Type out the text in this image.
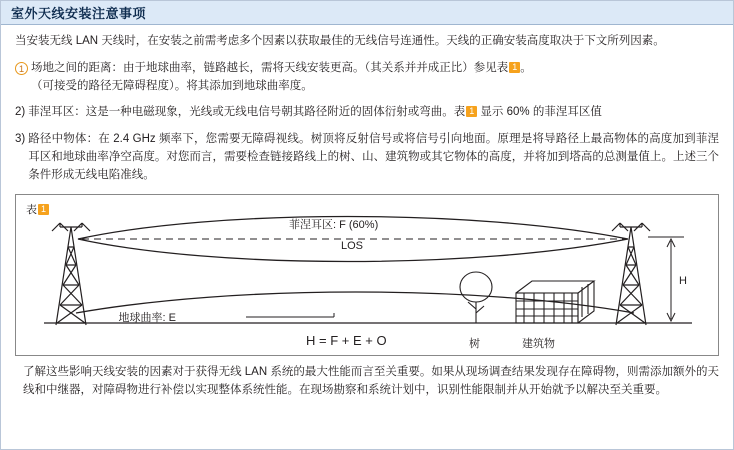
室外天线安装注意事项

当安装无线 LAN 天线时，在安装之前需考虑多个因素以获取最佳的无线信号连通性。天线的正确安装高度取决于下文所列因素。

1 场地之间的距离：由于地球曲率，链路越长，需将天线安装更高。（其关系并并成正比）参见表 1 。
（可接受的路径无障碍程度）。将其添加到地球曲率度。
2) 菲涅耳区：这是一种电磁现象，光线或无线电信号朝其路径附近的固体衍射或弯曲。表 1 显示 60% 的菲涅耳区值
3) 路径中物体：在 2.4 GHz 频率下，您需要无障碍视线。树顶将反射信号或将信号引向地面。原理是将导路径上最高物体的高度加到菲涅耳区和地球曲率净空高度。对您而言，需要检查链接路线上的树、山、建筑物或其它物体的高度，并将加到塔高的总测量值上。上述三个条件形成无线电陷准线。
表 1
菲涅耳区: F (60%)
LOS
地球曲率: E
H = F + E + O	树	建筑物
H
了解这些影响天线安装的因素对于获得无线 LAN 系统的最大性能而言至关重要。如果从现场调查结果发现存在障碍物，则需添加额外的天线和中继器，对障碍物进行补偿以实现整体系统性能。在现场勘察和系统计划中，识别性能限制并从开始就予以解决至关重要。
